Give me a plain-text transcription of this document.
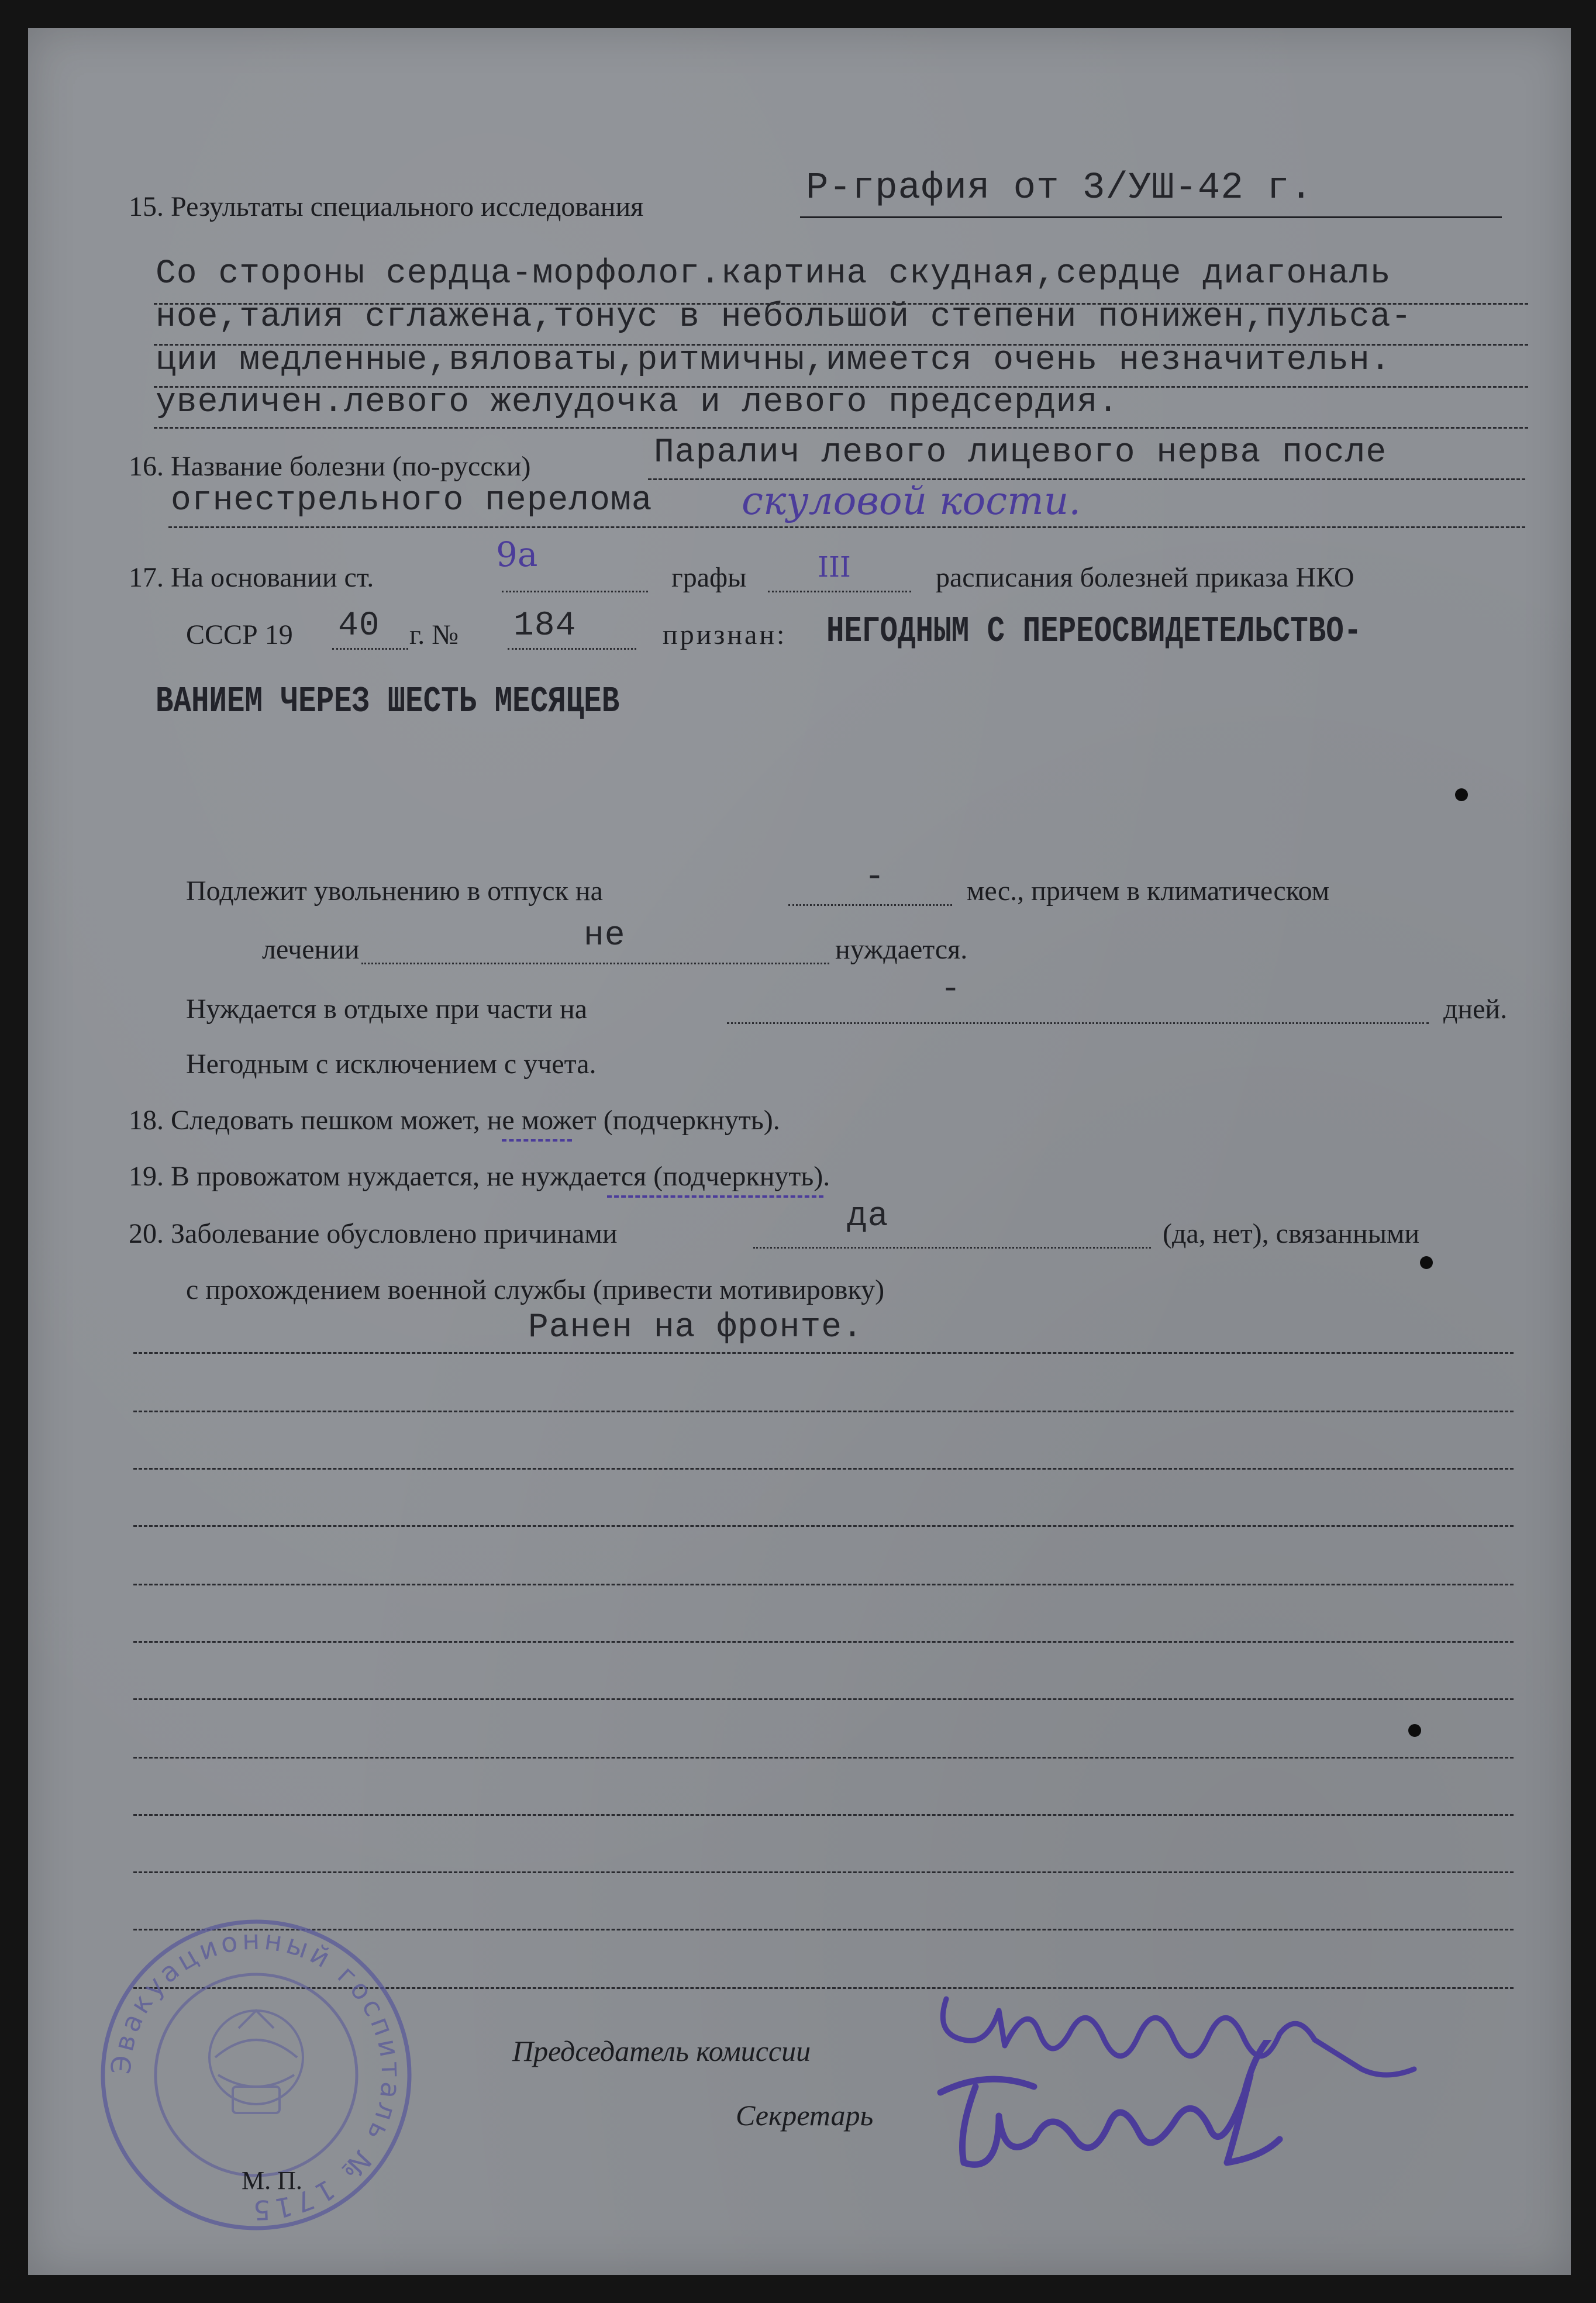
15. Результаты специального исследования	Р-графия от 3/УШ-42 г.
Со стороны сердца-морфолог.картина скудная,сердце диагональ
ное,талия сглажена,тонус в небольшой степени понижен,пульса-
ции медленные,вяловаты,ритмичны,имеется очень незначительн.
увеличен.левого желудочка и левого предсердия.
16. Название болезни (по-русски)	Паралич левого лицевого нерва после
огнестрельного перелома скуловой кости.
17. На основании ст.
9а
графы	III	расписания болезней приказа НКО
СССР 19 40 г. № 184	признан: НЕГОДНЫМ С ПЕРЕОСВИДЕТЕЛЬСТВО-
ВАНИЕМ ЧЕРЕЗ ШЕСТЬ МЕСЯЦЕВ
Подлежит увольнению в отпуск на	-	мес., причем в климатическом
лечении	не	нуждается.
Нуждается в отдыхе при части на
-
дней.
Негодным с исключением с учета.
18. Следовать пешком может, не может (подчеркнуть).
19. В провожатом нуждается, не нуждается (подчеркнуть).
20. Заболевание обусловлено причинами	да	(да, нет), связанными
с прохождением военной службы (привести мотивировку)
Ранен на фронте.
Эвакуационный госпиталь № 1715
М. П.
Председатель комиссии
Секретарь
